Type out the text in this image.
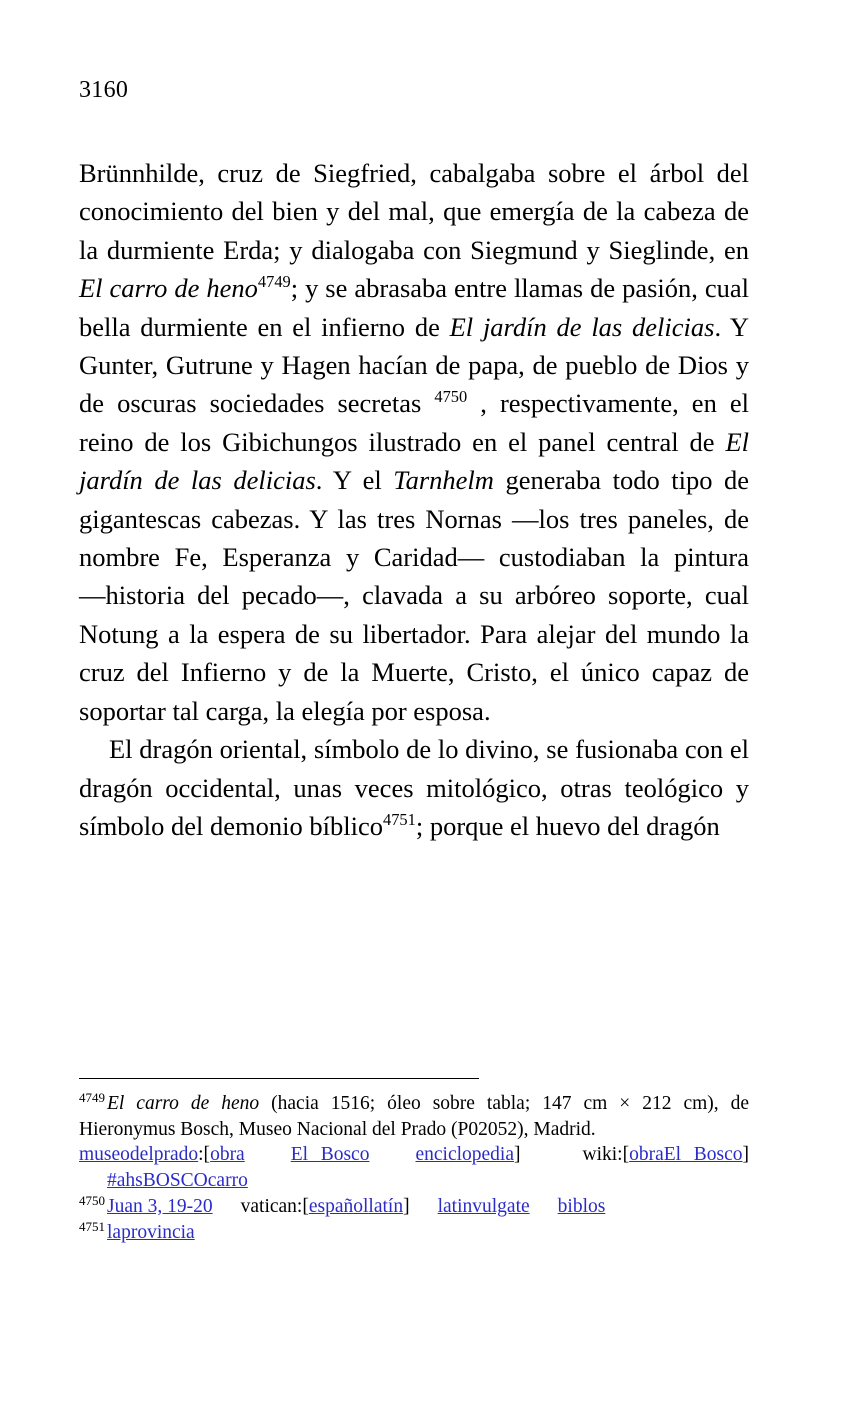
3160

Brünnhilde, cruz de Siegfried, cabalgaba sobre el árbol del conocimiento del bien y del mal, que emergía de la cabeza de la durmiente Erda; y dialogaba con Siegmund y Sieglinde, en El carro de heno$^{4749}$; y se abrasaba entre llamas de pasión, cual bella durmiente en el infierno de El jardín de las delicias. Y Gunter, Gutrune y Hagen hacían de papa, de pueblo de Dios y de oscuras sociedades secretas $^{4750}$ , respectivamente, en el reino de los Gibichungos ilustrado en el panel central de El jardín de las delicias. Y el Tarnhelm generaba todo tipo de gigantescas cabezas. Y las tres Nornas ―los tres paneles, de nombre Fe, Esperanza y Caridad― custodiaban la pintura ―historia del pecado―, clavada a su arbóreo soporte, cual Notung a la espera de su libertador. Para alejar del mundo la cruz del Infierno y de la Muerte, Cristo, el único capaz de soportar tal carga, la elegía por esposa.

El dragón oriental, símbolo de lo divino, se fusionaba con el dragón occidental, unas veces mitológico, otras teológico y símbolo del demonio bíblico$^{4751}$; porque el huevo del dragón

$^{4749}$ El carro de heno (hacia 1516; óleo sobre tabla; 147 cm × 212 cm), de Hieronymus Bosch, Museo Nacional del Prado (P02052), Madrid.

museodelprado:[obra El Bosco enciclopedia]	wiki:[obraEl Bosco]#ahsBOSCOcarro

$^{4750}$ Juan 3, 19-20 vatican:[españollatín] latinvulgate biblos

$^{4751}$ laprovincia
